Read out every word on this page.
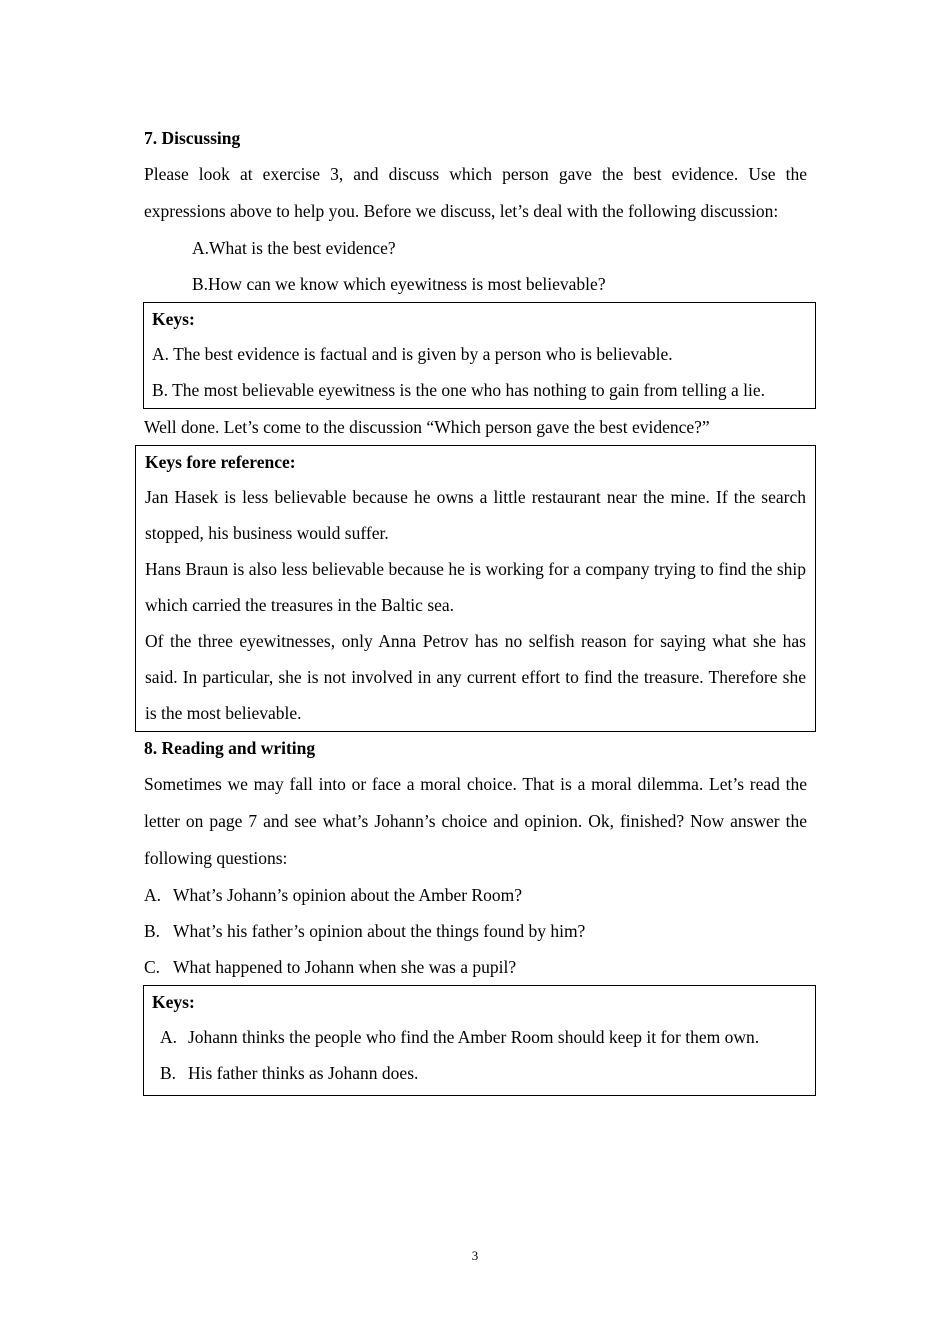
7. Discussing
Please look at exercise 3, and discuss which person gave the best evidence. Use the expressions above to help you. Before we discuss, let’s deal with the following discussion:
A.What is the best evidence?
B.How can we know which eyewitness is most believable?
Keys:
A. The best evidence is factual and is given by a person who is believable.
B. The most believable eyewitness is the one who has nothing to gain from telling a lie.
Well done. Let’s come to the discussion “Which person gave the best evidence?”
Keys fore reference:
Jan Hasek is less believable because he owns a little restaurant near the mine. If the search stopped, his business would suffer.
Hans Braun is also less believable because he is working for a company trying to find the ship which carried the treasures in the Baltic sea.
Of the three eyewitnesses, only Anna Petrov has no selfish reason for saying what she has said. In particular, she is not involved in any current effort to find the treasure. Therefore she is the most believable.
8. Reading and writing
Sometimes we may fall into or face a moral choice. That is a moral dilemma. Let’s read the letter on page 7 and see what’s Johann’s choice and opinion. Ok, finished? Now answer the following questions:
A. What’s Johann’s opinion about the Amber Room?
B. What’s his father’s opinion about the things found by him?
C. What happened to Johann when she was a pupil?
Keys:
A. Johann thinks the people who find the Amber Room should keep it for them own.
B. His father thinks as Johann does.
3
